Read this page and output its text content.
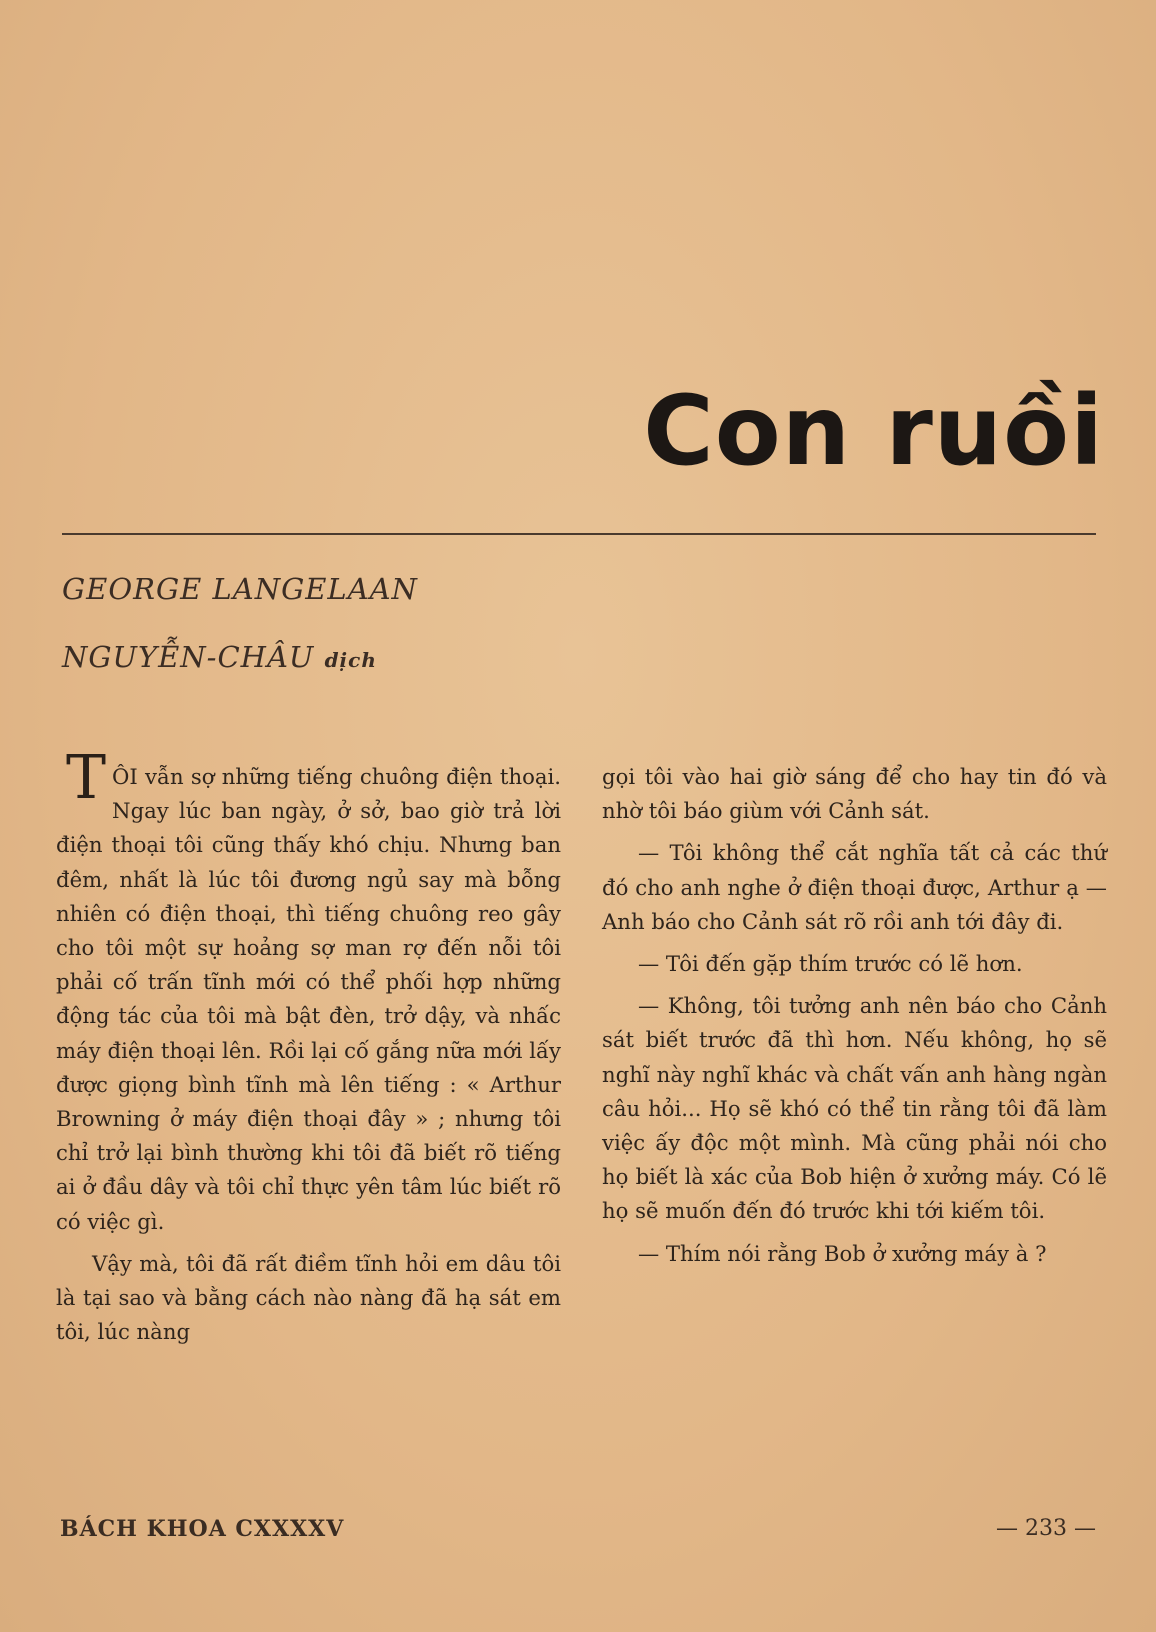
Con ruồi
GEORGE LANGELAAN
NGUYỄN-CHÂU dịch

TÔI vẫn sợ những tiếng chuông điện thoại. Ngay lúc ban ngày, ở sở, bao giờ trả lời điện thoại tôi cũng thấy khó chịu. Nhưng ban đêm, nhất là lúc tôi đương ngủ say mà bỗng nhiên có điện thoại, thì tiếng chuông reo gây cho tôi một sự hoảng sợ man rợ đến nỗi tôi phải cố trấn tĩnh mới có thể phối hợp những động tác của tôi mà bật đèn, trở dậy, và nhấc máy điện thoại lên. Rồi lại cố gắng nữa mới lấy được giọng bình tĩnh mà lên tiếng : « Arthur Browning ở máy điện thoại đây » ; nhưng tôi chỉ trở lại bình thường khi tôi đã biết rõ tiếng ai ở đầu dây và tôi chỉ thực yên tâm lúc biết rõ có việc gì.

Vậy mà, tôi đã rất điềm tĩnh hỏi em dâu tôi là tại sao và bằng cách nào nàng đã hạ sát em tôi, lúc nàng

gọi tôi vào hai giờ sáng để cho hay tin đó và nhờ tôi báo giùm với Cảnh sát.

— Tôi không thể cắt nghĩa tất cả các thứ đó cho anh nghe ở điện thoại được, Arthur ạ — Anh báo cho Cảnh sát rõ rồi anh tới đây đi.

— Tôi đến gặp thím trước có lẽ hơn.

— Không, tôi tưởng anh nên báo cho Cảnh sát biết trước đã thì hơn. Nếu không, họ sẽ nghĩ này nghĩ khác và chất vấn anh hàng ngàn câu hỏi... Họ sẽ khó có thể tin rằng tôi đã làm việc ấy độc một mình. Mà cũng phải nói cho họ biết là xác của Bob hiện ở xưởng máy. Có lẽ họ sẽ muốn đến đó trước khi tới kiếm tôi.

— Thím nói rằng Bob ở xưởng máy à ?

BÁCH KHOA CXXXXV	— 233 —
